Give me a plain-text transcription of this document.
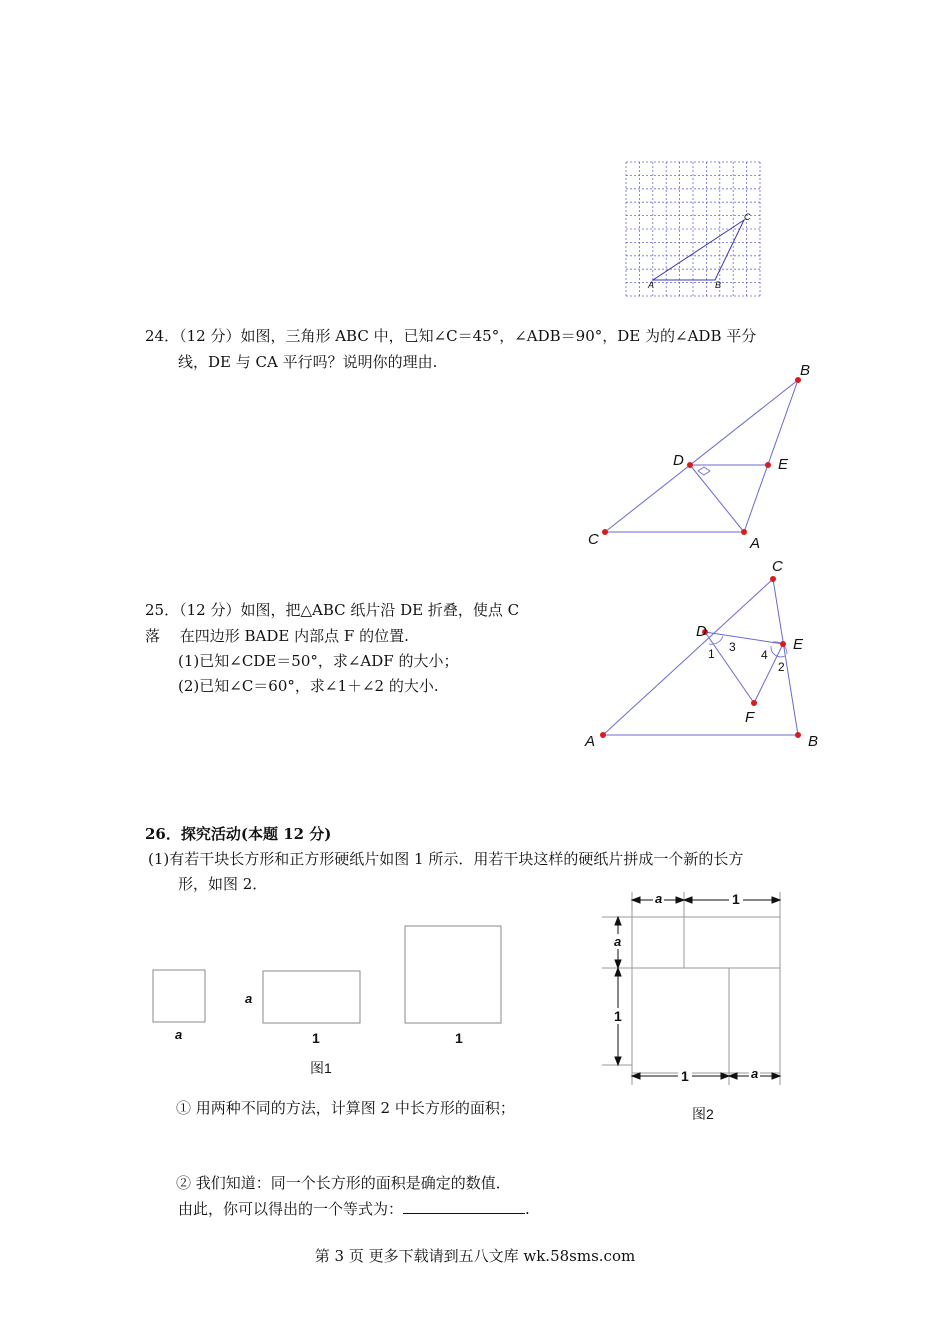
A	B
C
24．（12 分）如图，三角形 ABC 中，已知∠C＝45°，∠ADB＝90°，DE 为的∠ADB 平分
线，DE 与 CA 平行吗？说明你的理由.	B
D	E
C	A
25．（12 分）如图，把△ABC 纸片沿 DE 折叠，使点 C
落　 在四边形 BADE 内部点 F 的位置.
(1)已知∠CDE＝50°，求∠ADF 的大小；
(2)已知∠C＝60°，求∠1＋∠2 的大小.
C
D
E
F
A	B
1 3
4
2
26．探究活动(本题 12 分)
(1)有若干块长方形和正方形硬纸片如图 1 所示．用若干块这样的硬纸片拼成一个新的长方
形，如图 2．
a
a
1	1
图1
a	1
a
1
1	a
图2
① 用两种不同的方法，计算图 2 中长方形的面积；
② 我们知道：同一个长方形的面积是确定的数值．
由此，你可以得出的一个等式为：	.
第 3 页 更多下载请到五八文库 wk.58sms.com
